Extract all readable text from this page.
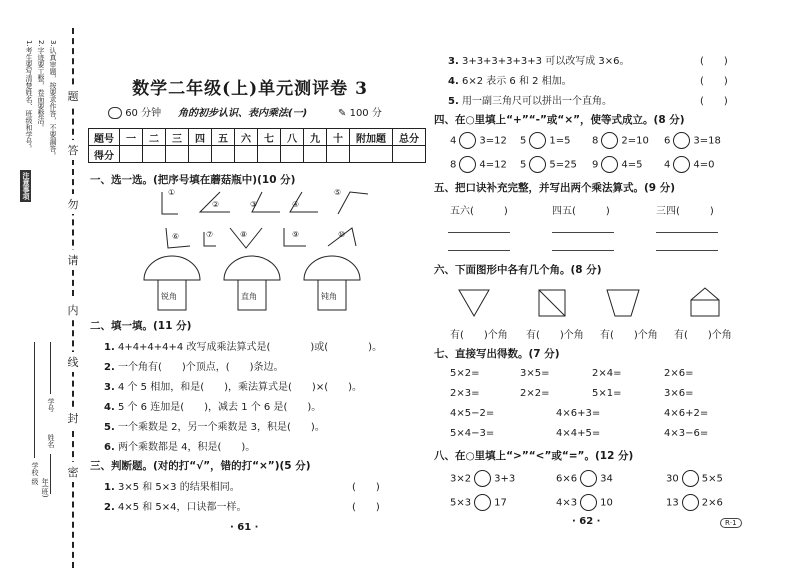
1.考生要写清楚姓名、班级和学号。 2.字迹要工整，卷面要整洁。 3.认真审题，按要求作答，不要漏答。
注意事项
题
答
勿
请
内
线
封
密
学校
年(班)级
学号
姓名
数学二年级(上)单元测评卷 3
60 分钟 角的初步认识、表内乘法(一)	✎ 100 分
题号	一	二	三	四	五	六	七	八	九	十	附加题	总分
得分												
一、选一选。(把序号填在蘑菇瓶中)(10 分)
①
②	③	④
⑤
⑥	⑦	⑧	⑨	⑩
锐角	直角	钝角
二、填一填。(11 分)
1. 4+4+4+4+4 改写成乘法算式是(　　　　)或(　　　　)。
2. 一个角有(　　)个顶点，(　　)条边。
3. 4 个 5 相加，和是(　　)，乘法算式是(　　)×(　　)。
4. 5 个 6 连加是(　　)，减去 1 个 6 是(　　)。
5. 一个乘数是 2，另一个乘数是 3，积是(　　)。
6. 两个乘数都是 4，积是(　　)。
三、判断题。(对的打“√”，错的打“×”)(5 分)
1. 3×5 和 5×3 的结果相同。	(　　)
2. 4×5 和 5×4，口诀都一样。	(　　)
· 61 ·
3. 3+3+3+3+3+3 可以改写成 3×6。	(　　)
4. 6×2 表示 6 和 2 相加。	(　　)
5. 用一副三角尺可以拼出一个直角。	(　　)
四、在○里填上“+”“-”或“×”，使等式成立。(8 分)
4 3=12 5 1=5 8 2=10 6 3=18
8 4=12 5 5=25 9 4=5 4 4=0
五、把口诀补充完整，并写出两个乘法算式。(9 分)
五六(　　　)	四五(　　　)	三四(　　　)
六、下面图形中各有几个角。(8 分)
有(　　)个角 有(　　)个角 有(　　)个角 有(　　)个角
七、直接写出得数。(7 分)
5×2=	3×5=	2×4=	2×6=
2×3=	2×2=	5×1=	3×6=
4×5−2=	4×6+3=	4×6+2=
5×4−3=	4×4+5=	4×3−6=
八、在○里填上“>”“<”或“=”。(12 分)
3×2 3+3	6×6 34	30 5×5
5×3 17	4×3 10	13 2×6
· 62 ·	R·1
